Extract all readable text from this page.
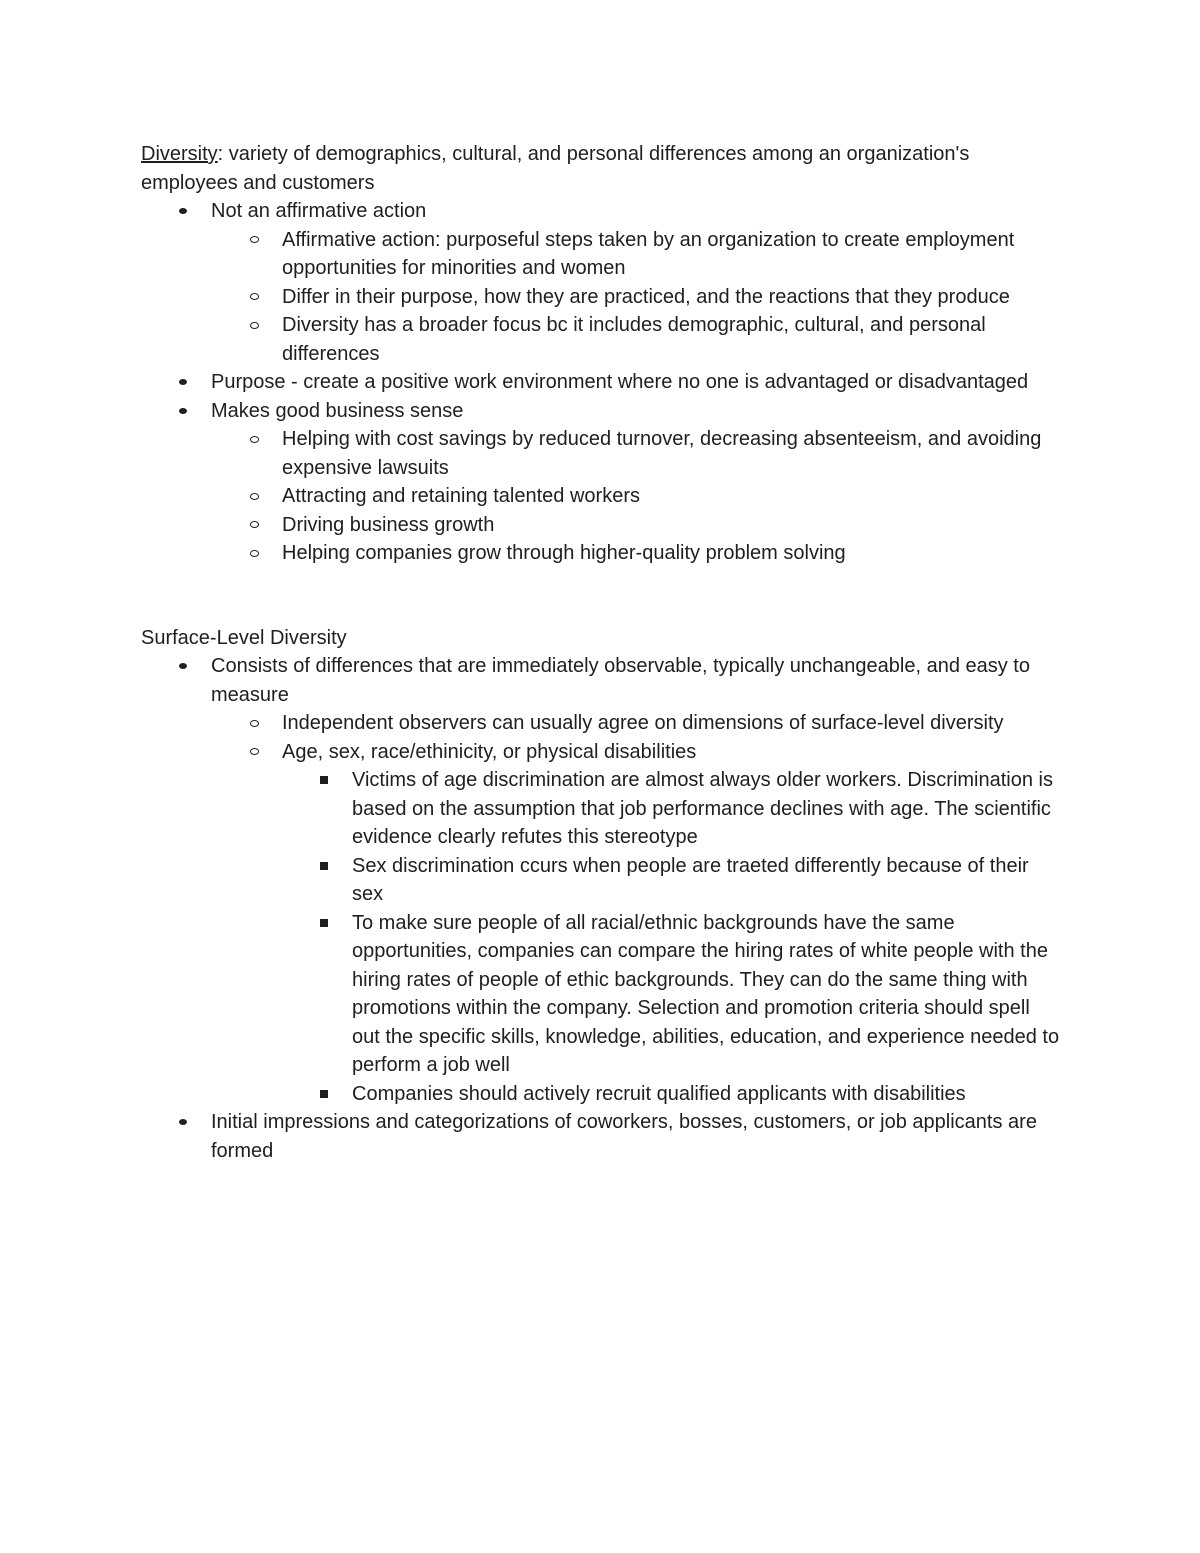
Diversity: variety of demographics, cultural, and personal differences among an organization's employees and customers

Not an affirmative action
Affirmative action: purposeful steps taken by an organization to create employment opportunities for minorities and women
Differ in their purpose, how they are practiced, and the reactions that they produce
Diversity has a broader focus bc it includes demographic, cultural, and personal differences
Purpose - create a positive work environment where no one is advantaged or disadvantaged
Makes good business sense
Helping with cost savings by reduced turnover, decreasing absenteeism, and avoiding expensive lawsuits
Attracting and retaining talented workers
Driving business growth
Helping companies grow through higher-quality problem solving

Surface-Level Diversity

Consists of differences that are immediately observable, typically unchangeable, and easy to measure
Independent observers can usually agree on dimensions of surface-level diversity
Age, sex, race/ethinicity, or physical disabilities
Victims of age discrimination are almost always older workers. Discrimination is based on the assumption that job performance declines with age. The scientific evidence clearly refutes this stereotype
Sex discrimination ccurs when people are traeted differently because of their sex
To make sure people of all racial/ethnic backgrounds have the same opportunities, companies can compare the hiring rates of white people with the hiring rates of people of ethic backgrounds. They can do the same thing with promotions within the company. Selection and promotion criteria should spell out the specific skills, knowledge, abilities, education, and experience needed to perform a job well
Companies should actively recruit qualified applicants with disabilities
Initial impressions and categorizations of coworkers, bosses, customers, or job applicants are formed
